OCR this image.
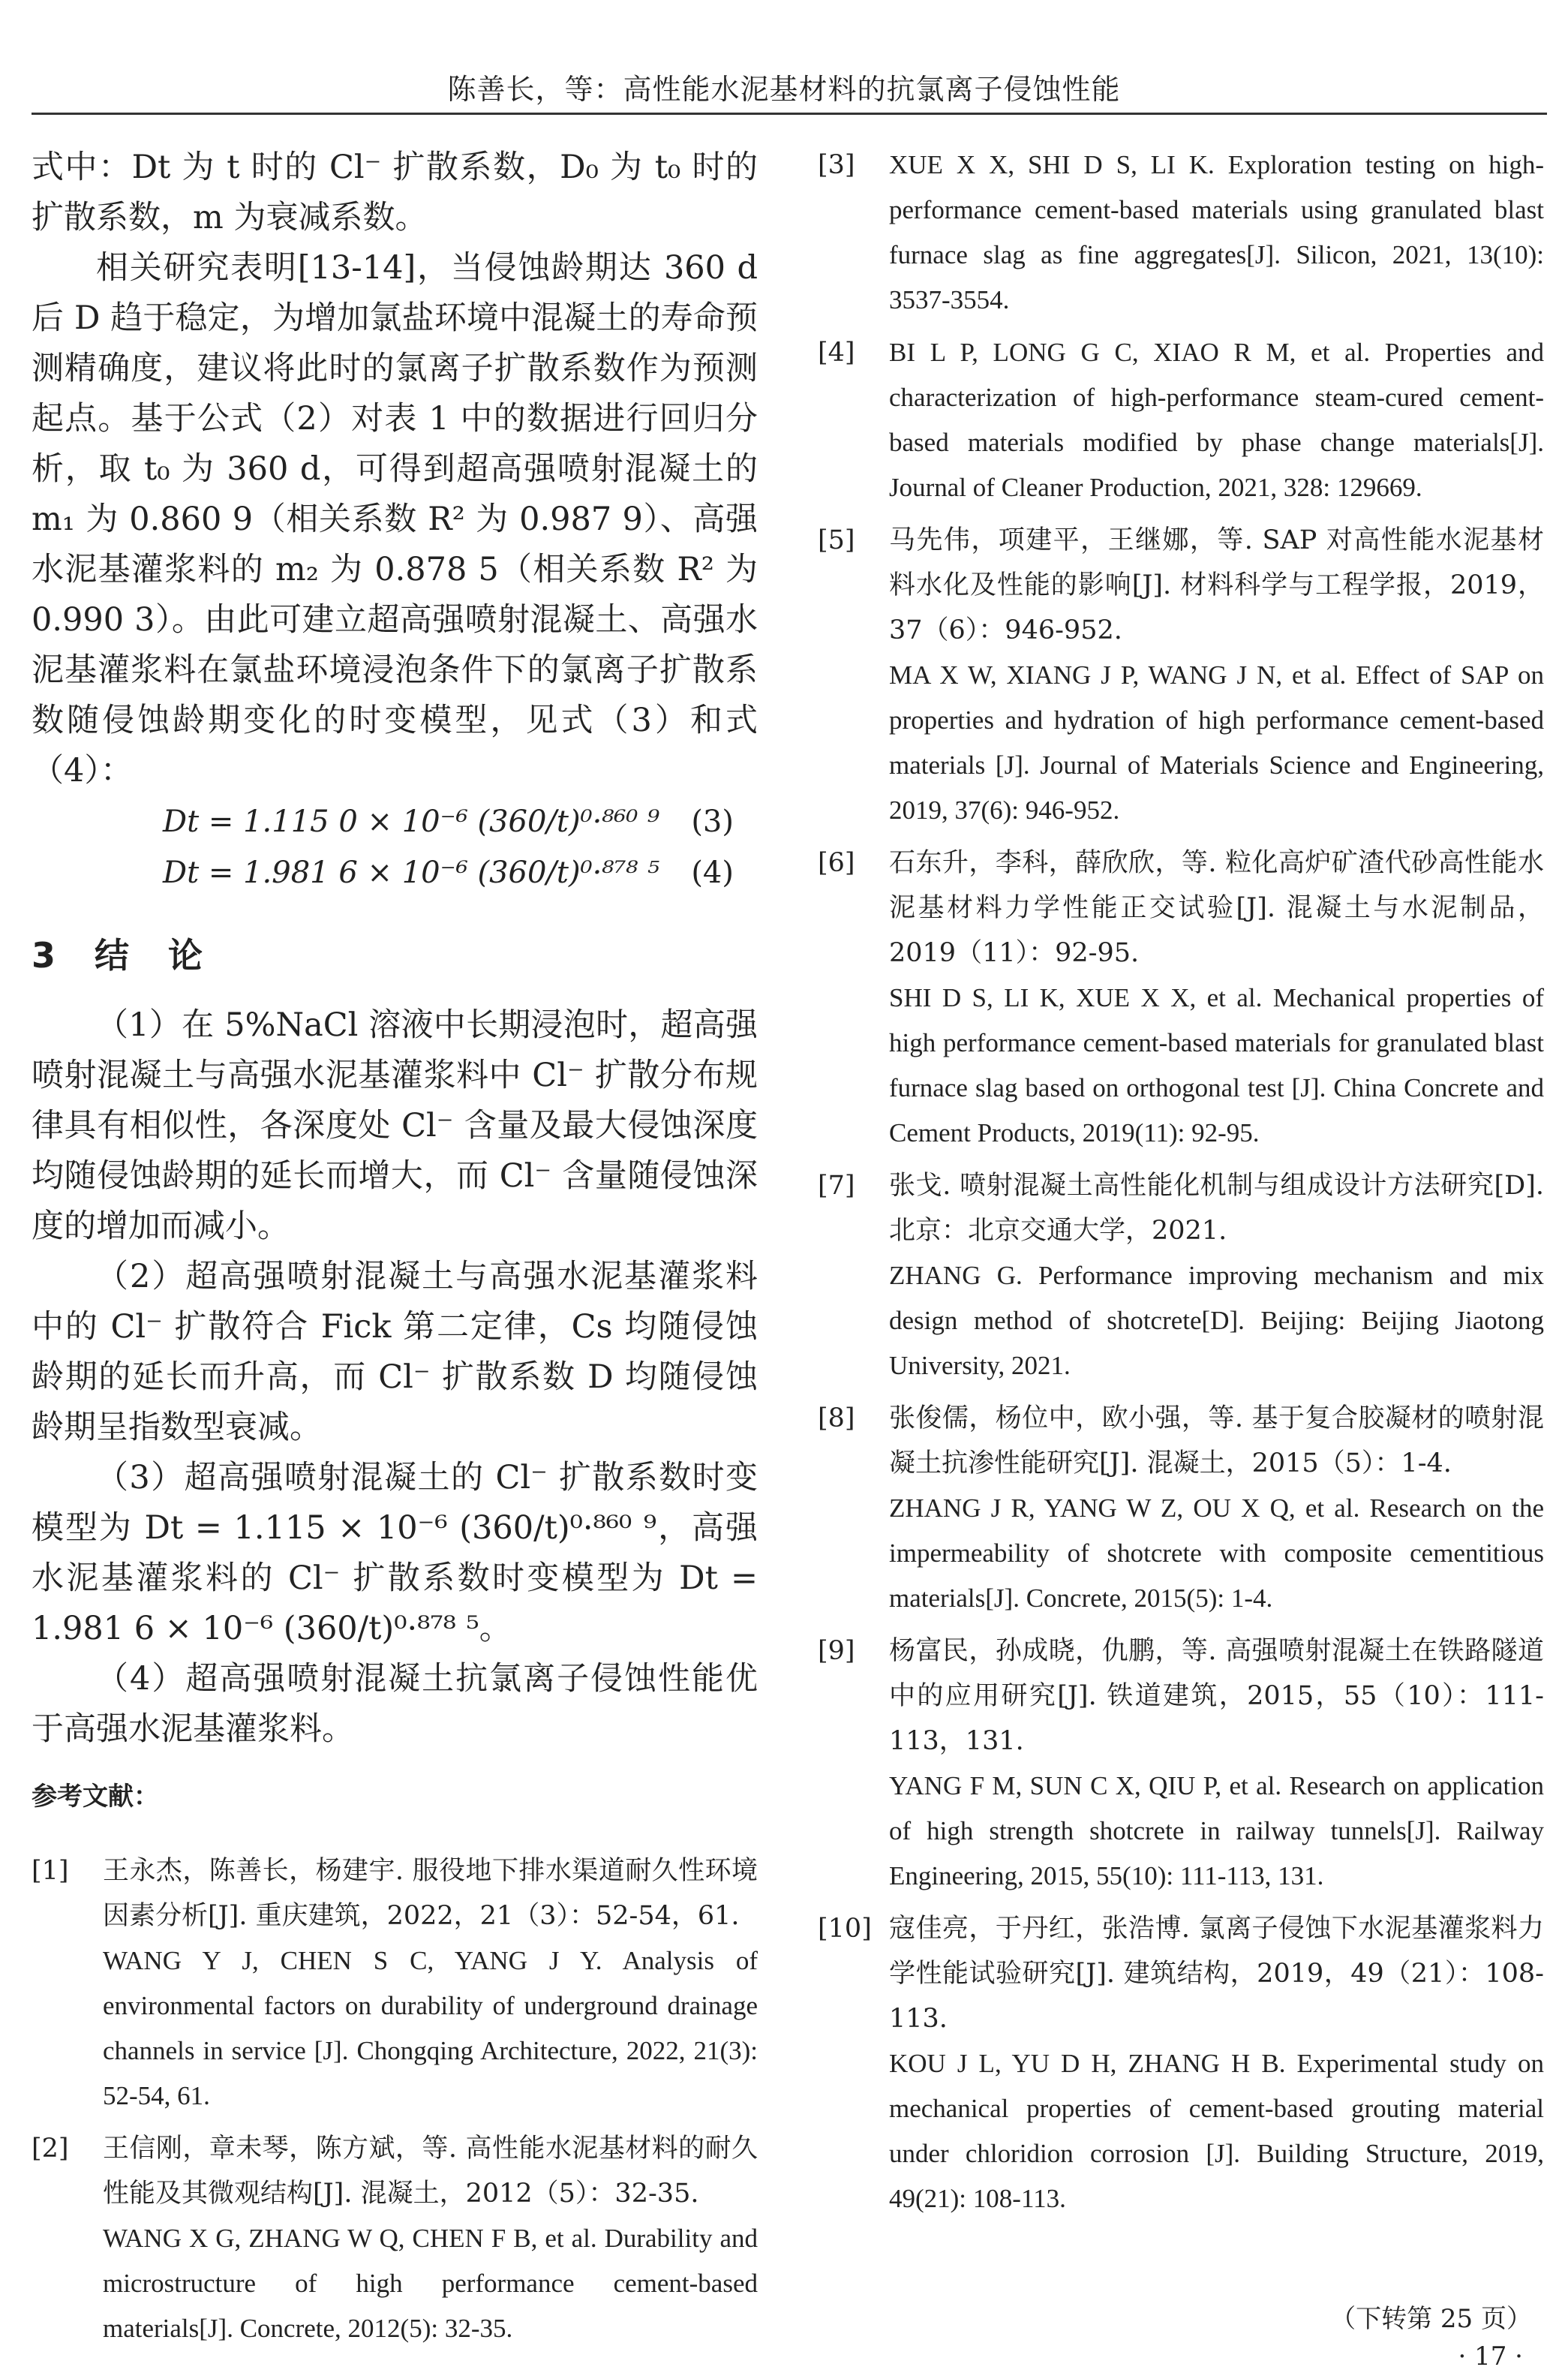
陈善长，等：高性能水泥基材料的抗氯离子侵蚀性能

式中：Dt 为 t 时的 Cl⁻ 扩散系数，D₀ 为 t₀ 时的扩散系数，m 为衰减系数。

相关研究表明[13-14]，当侵蚀龄期达 360 d 后 D 趋于稳定，为增加氯盐环境中混凝土的寿命预测精确度，建议将此时的氯离子扩散系数作为预测起点。基于公式（2）对表 1 中的数据进行回归分析，取 t₀ 为 360 d，可得到超高强喷射混凝土的 m₁ 为 0.860 9（相关系数 R² 为 0.987 9）、高强水泥基灌浆料的 m₂ 为 0.878 5（相关系数 R² 为 0.990 3）。由此可建立超高强喷射混凝土、高强水泥基灌浆料在氯盐环境浸泡条件下的氯离子扩散系数随侵蚀龄期变化的时变模型，见式（3）和式（4）：

Dt = 1.115 0 × 10⁻⁶ (360/t)⁰·⁸⁶⁰ ⁹ (3)
Dt = 1.981 6 × 10⁻⁶ (360/t)⁰·⁸⁷⁸ ⁵ (4)
3 结 论

（1）在 5%NaCl 溶液中长期浸泡时，超高强喷射混凝土与高强水泥基灌浆料中 Cl⁻ 扩散分布规律具有相似性，各深度处 Cl⁻ 含量及最大侵蚀深度均随侵蚀龄期的延长而增大，而 Cl⁻ 含量随侵蚀深度的增加而减小。

（2）超高强喷射混凝土与高强水泥基灌浆料中的 Cl⁻ 扩散符合 Fick 第二定律，Cs 均随侵蚀龄期的延长而升高，而 Cl⁻ 扩散系数 D 均随侵蚀龄期呈指数型衰减。

（3）超高强喷射混凝土的 Cl⁻ 扩散系数时变模型为 Dt = 1.115 × 10⁻⁶ (360/t)⁰·⁸⁶⁰ ⁹，高强水泥基灌浆料的 Cl⁻ 扩散系数时变模型为 Dt = 1.981 6 × 10⁻⁶ (360/t)⁰·⁸⁷⁸ ⁵。

（4）超高强喷射混凝土抗氯离子侵蚀性能优于高强水泥基灌浆料。

参考文献：
[1] 王永杰，陈善长，杨建宇. 服役地下排水渠道耐久性环境因素分析[J]. 重庆建筑，2022，21（3）：52-54，61.

WANG Y J, CHEN S C, YANG J Y. Analysis of environmental factors on durability of underground drainage channels in service [J]. Chongqing Architecture, 2022, 21(3): 52-54, 61.

[2] 王信刚，章未琴，陈方斌，等. 高性能水泥基材料的耐久性能及其微观结构[J]. 混凝土，2012（5）：32-35.

WANG X G, ZHANG W Q, CHEN F B, et al. Durability and microstructure of high performance cement-based materials[J]. Concrete, 2012(5): 32-35.

[3] XUE X X, SHI D S, LI K. Exploration testing on high-performance cement-based materials using granulated blast furnace slag as fine aggregates[J]. Silicon, 2021, 13(10): 3537-3554.

[4] BI L P, LONG G C, XIAO R M, et al. Properties and characterization of high-performance steam-cured cement-based materials modified by phase change materials[J]. Journal of Cleaner Production, 2021, 328: 129669.

[5] 马先伟，项建平，王继娜，等. SAP 对高性能水泥基材料水化及性能的影响[J]. 材料科学与工程学报，2019，37（6）：946-952.

MA X W, XIANG J P, WANG J N, et al. Effect of SAP on properties and hydration of high performance cement-based materials [J]. Journal of Materials Science and Engineering, 2019, 37(6): 946-952.

[6] 石东升，李科，薛欣欣，等. 粒化高炉矿渣代砂高性能水泥基材料力学性能正交试验[J]. 混凝土与水泥制品，2019（11）：92-95.

SHI D S, LI K, XUE X X, et al. Mechanical properties of high performance cement-based materials for granulated blast furnace slag based on orthogonal test [J]. China Concrete and Cement Products, 2019(11): 92-95.

[7] 张戈. 喷射混凝土高性能化机制与组成设计方法研究[D]. 北京：北京交通大学，2021.

ZHANG G. Performance improving mechanism and mix design method of shotcrete[D]. Beijing: Beijing Jiaotong University, 2021.

[8] 张俊儒，杨位中，欧小强，等. 基于复合胶凝材的喷射混凝土抗渗性能研究[J]. 混凝土，2015（5）：1-4.

ZHANG J R, YANG W Z, OU X Q, et al. Research on the impermeability of shotcrete with composite cementitious materials[J]. Concrete, 2015(5): 1-4.

[9] 杨富民，孙成晓，仇鹏，等. 高强喷射混凝土在铁路隧道中的应用研究[J]. 铁道建筑，2015，55（10）：111-113，131.

YANG F M, SUN C X, QIU P, et al. Research on application of high strength shotcrete in railway tunnels[J]. Railway Engineering, 2015, 55(10): 111-113, 131.

[10] 寇佳亮，于丹红，张浩博. 氯离子侵蚀下水泥基灌浆料力学性能试验研究[J]. 建筑结构，2019，49（21）：108-113.

KOU J L, YU D H, ZHANG H B. Experimental study on mechanical properties of cement-based grouting material under chloridion corrosion [J]. Building Structure, 2019, 49(21): 108-113.

（下转第 25 页）
· 17 ·
